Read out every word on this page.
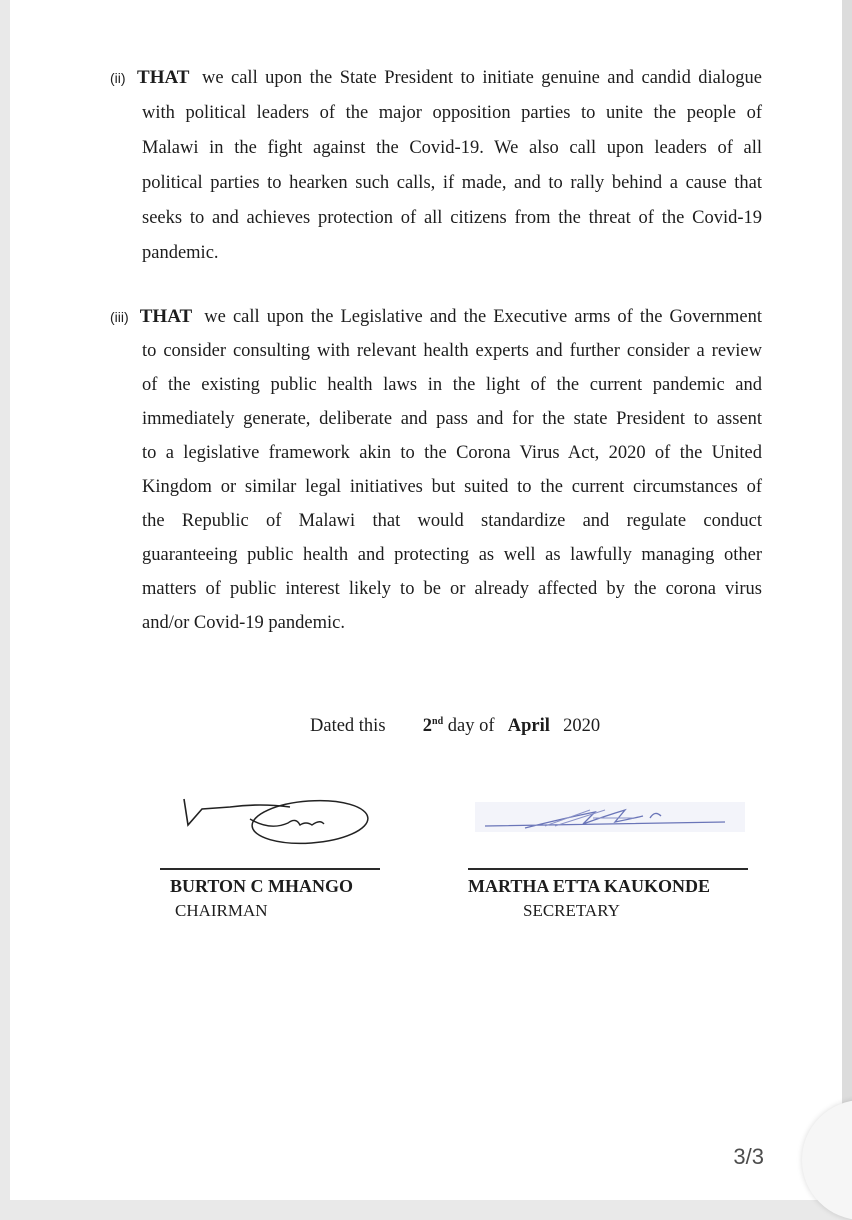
(ii) THAT we call upon the State President to initiate genuine and candid dialogue
with political leaders of the major opposition parties to unite the people of
Malawi in the fight against the Covid-19. We also call upon leaders of all
political parties to hearken such calls, if made, and to rally behind a cause that
seeks to and achieves protection of all citizens from the threat of the Covid-19
pandemic.
(iii) THAT we call upon the Legislative and the Executive arms of the Government
to consider consulting with relevant health experts and further consider a review
of the existing public health laws in the light of the current pandemic and
immediately generate, deliberate and pass and for the state President to assent
to a legislative framework akin to the Corona Virus Act, 2020 of the United
Kingdom or similar legal initiatives but suited to the current circumstances of
the Republic of Malawi that would standardize and regulate conduct
guaranteeing public health and protecting as well as lawfully managing other
matters of public interest likely to be or already affected by the corona virus
and/or Covid-19 pandemic.
Dated this 2nd day of April 2020
BURTON C MHANGO
CHAIRMAN
MARTHA ETTA KAUKONDE
SECRETARY
3/3
